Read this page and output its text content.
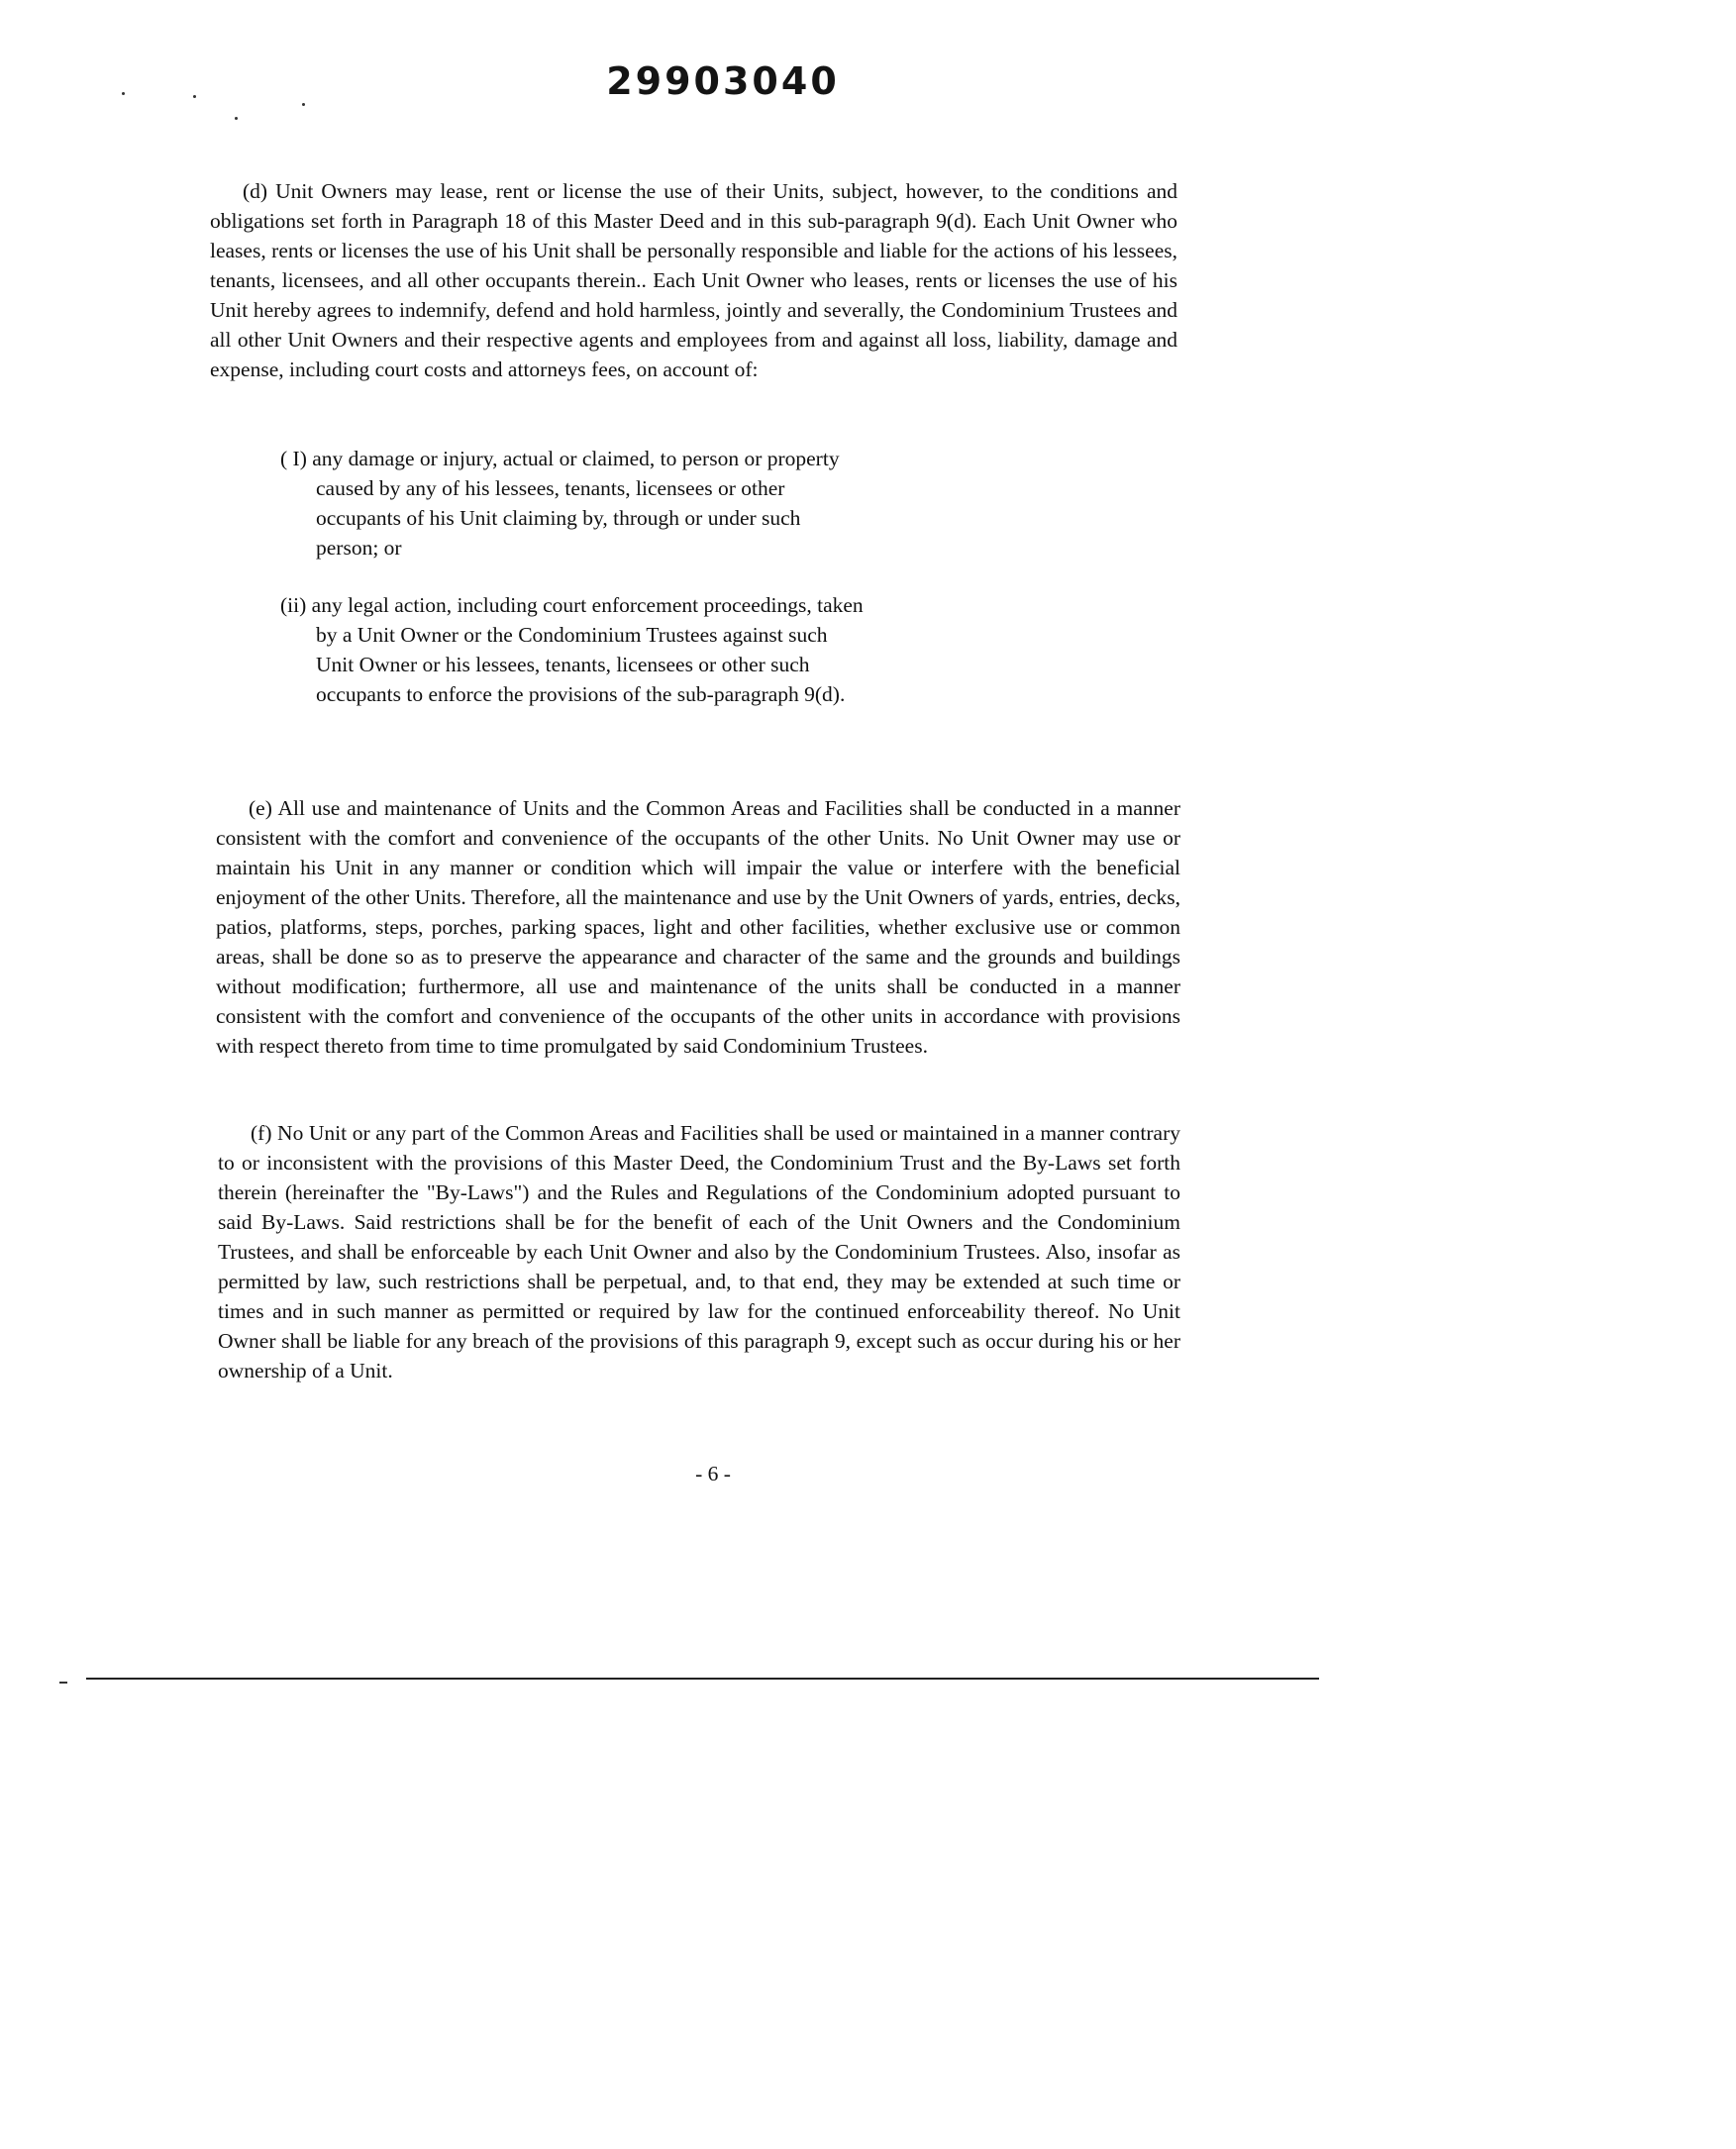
29903040

(d) Unit Owners may lease, rent or license the use of their Units, subject, however, to the conditions and obligations set forth in Paragraph 18 of this Master Deed and in this sub-paragraph 9(d). Each Unit Owner who leases, rents or licenses the use of his Unit shall be personally responsible and liable for the actions of his lessees, tenants, licensees, and all other occupants therein.. Each Unit Owner who leases, rents or licenses the use of his Unit hereby agrees to indemnify, defend and hold harmless, jointly and severally, the Condominium Trustees and all other Unit Owners and their respective agents and employees from and against all loss, liability, damage and expense, including court costs and attorneys fees, on account of:

( I) any damage or injury, actual or claimed, to person or property caused by any of his lessees, tenants, licensees or other occupants of his Unit claiming by, through or under such person; or

(ii) any legal action, including court enforcement proceedings, taken by a Unit Owner or the Condominium Trustees against such Unit Owner or his lessees, tenants, licensees or other such occupants to enforce the provisions of the sub-paragraph 9(d).

(e) All use and maintenance of Units and the Common Areas and Facilities shall be conducted in a manner consistent with the comfort and convenience of the occupants of the other Units. No Unit Owner may use or maintain his Unit in any manner or condition which will impair the value or interfere with the beneficial enjoyment of the other Units. Therefore, all the maintenance and use by the Unit Owners of yards, entries, decks, patios, platforms, steps, porches, parking spaces, light and other facilities, whether exclusive use or common areas, shall be done so as to preserve the appearance and character of the same and the grounds and buildings without modification; furthermore, all use and maintenance of the units shall be conducted in a manner consistent with the comfort and convenience of the occupants of the other units in accordance with provisions with respect thereto from time to time promulgated by said Condominium Trustees.

(f) No Unit or any part of the Common Areas and Facilities shall be used or maintained in a manner contrary to or inconsistent with the provisions of this Master Deed, the Condominium Trust and the By-Laws set forth therein (hereinafter the "By-Laws") and the Rules and Regulations of the Condominium adopted pursuant to said By-Laws. Said restrictions shall be for the benefit of each of the Unit Owners and the Condominium Trustees, and shall be enforceable by each Unit Owner and also by the Condominium Trustees. Also, insofar as permitted by law, such restrictions shall be perpetual, and, to that end, they may be extended at such time or times and in such manner as permitted or required by law for the continued enforceability thereof. No Unit Owner shall be liable for any breach of the provisions of this paragraph 9, except such as occur during his or her ownership of a Unit.

- 6 -
